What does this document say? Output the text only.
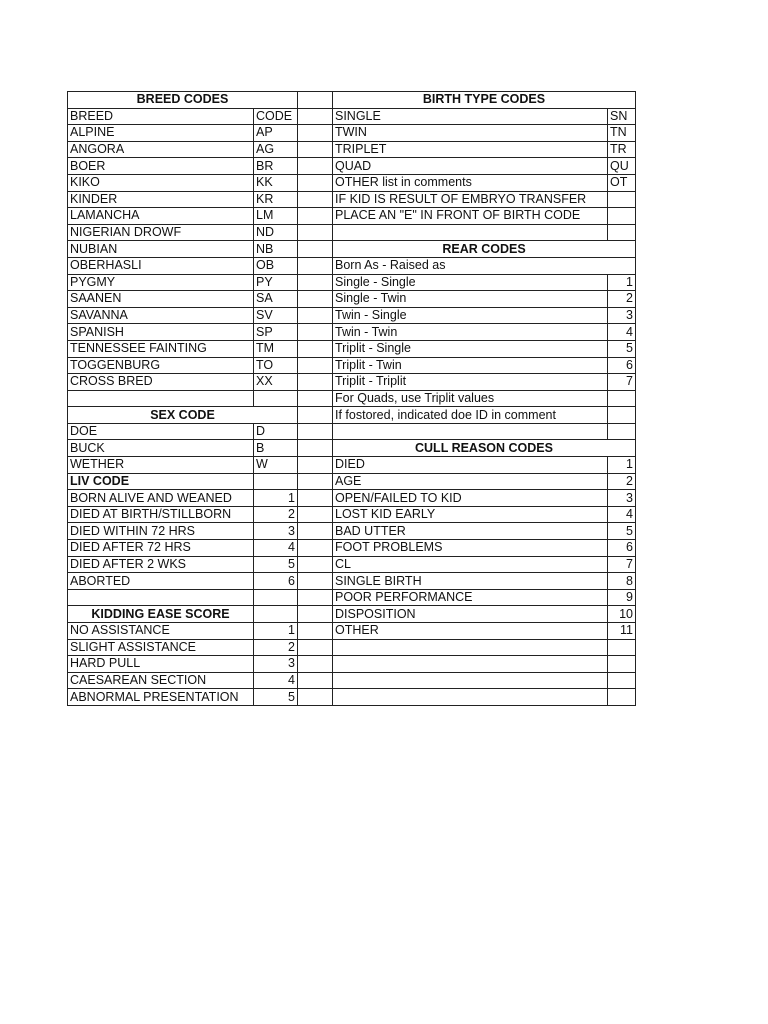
BREED CODES			BIRTH TYPE CODES	
BREED	CODE		SINGLE	SN
ALPINE	AP		TWIN	TN
ANGORA	AG		TRIPLET	TR
BOER	BR		QUAD	QU
KIKO	KK		OTHER list in comments	OT
KINDER	KR		IF KID IS RESULT OF EMBRYO TRANSFER	
LAMANCHA	LM		PLACE AN "E" IN FRONT OF BIRTH CODE	
NIGERIAN DROWF	ND			
NUBIAN	NB		REAR CODES	
OBERHASLI	OB		Born As - Raised as	
PYGMY	PY		Single - Single	1
SAANEN	SA		Single - Twin	2
SAVANNA	SV		Twin - Single	3
SPANISH	SP		Twin - Twin	4
TENNESSEE FAINTING	TM		Triplit - Single	5
TOGGENBURG	TO		Triplit - Twin	6
CROSS BRED	XX		Triplit - Triplit	7
			For Quads, use Triplit values	
SEX CODE			If fostored, indicated doe ID in comment	
DOE	D			
BUCK	B		CULL REASON CODES	
WETHER	W		DIED	1
LIV CODE			AGE	2
BORN ALIVE AND WEANED	1		OPEN/FAILED TO KID	3
DIED AT BIRTH/STILLBORN	2		LOST KID EARLY	4
DIED WITHIN 72 HRS	3		BAD UTTER	5
DIED AFTER 72 HRS	4		FOOT PROBLEMS	6
DIED AFTER 2 WKS	5		CL	7
ABORTED	6		SINGLE BIRTH	8
			POOR PERFORMANCE	9
KIDDING EASE SCORE			DISPOSITION	10
NO ASSISTANCE	1		OTHER	11
SLIGHT ASSISTANCE	2			
HARD PULL	3			
CAESAREAN SECTION	4			
ABNORMAL PRESENTATION	5			
